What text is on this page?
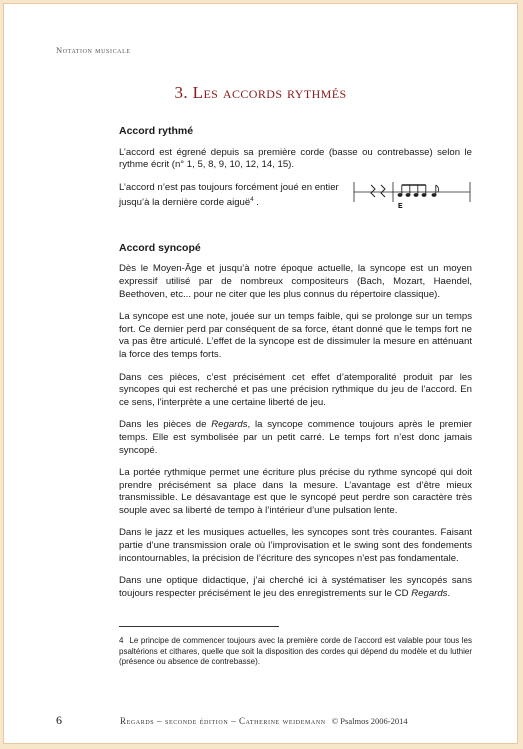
Notation musicale
3. Les accords rythmés
Accord rythmé

L’accord est égrené depuis sa première corde (basse ou contrebasse) selon le rythme écrit (n° 1, 5, 8, 9, 10, 12, 14, 15).

L’accord n’est pas toujours forcément joué en entier jusqu’à la dernière corde aiguë$^4$ .	E
Accord syncopé

Dès le Moyen-Âge et jusqu’à notre époque actuelle, la syncope est un moyen expressif utilisé par de nombreux compositeurs (Bach, Mozart, Haendel, Beethoven, etc... pour ne citer que les plus connus du répertoire classique).

La syncope est une note, jouée sur un temps faible, qui se prolonge sur un temps fort. Ce dernier perd par conséquent de sa force, étant donné que le temps fort ne va pas être articulé. L’effet de la syncope est de dissimuler la mesure en atténuant la force des temps forts.

Dans ces pièces, c’est précisément cet effet d’atemporalité produit par les syncopes qui est recherché et pas une précision rythmique du jeu de l’accord. En ce sens, l’interprète a une certaine liberté de jeu.

Dans les pièces de Regards, la syncope commence toujours après le premier temps. Elle est symbolisée par un petit carré. Le temps fort n’est donc jamais syncopé.

La portée rythmique permet une écriture plus précise du rythme syncopé qui doit prendre précisément sa place dans la mesure. L’avantage est d’être mieux transmissible. Le désavantage est que le syncopé peut perdre son caractère très souple avec sa liberté de tempo à l’intérieur d’une pulsation lente.

Dans le jazz et les musiques actuelles, les syncopes sont très courantes. Faisant partie d’une transmission orale où l’improvisation et le swing sont des fondements incontournables, la précision de l’écriture des syncopes n’est pas fondamentale.

Dans une optique didactique, j’ai cherché ici à systématiser les syncopés sans toujours respecter précisément le jeu des enregistrements sur le CD Regards.

4 Le principe de commencer toujours avec la première corde de l’accord est valable pour tous les psaltérions et cithares, quelle que soit la disposition des cordes qui dépend du modèle et du luthier (présence ou absence de contrebasse).
6	Regards – seconde édition – Catherine weidemann © Psalmos 2006-2014
